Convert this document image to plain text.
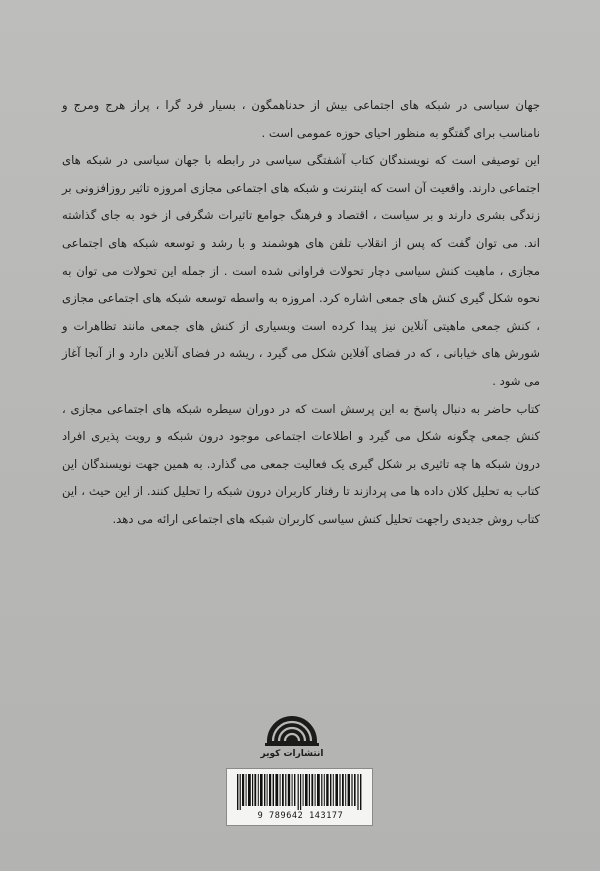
جهان سیاسی در شبکه های اجتماعی بیش از حدناهمگون ، بسیار فرد گرا ، پراز هرج ومرج و نامناسب برای گفتگو به منظور احیای حوزه عمومی است .

این توصیفی است که نویسندگان کتاب آشفتگی سیاسی در رابطه با جهان سیاسی در شبکه های اجتماعی دارند. واقعیت آن است که اینترنت و شبکه های اجتماعی مجازی امروزه تاثیر روزافزونی بر زندگی بشری دارند و بر سیاست ، اقتصاد و فرهنگ جوامع تاثیرات شگرفی از خود به جای گذاشته اند. می توان گفت که پس از انقلاب تلفن های هوشمند و با رشد و توسعه شبکه های اجتماعی مجازی ، ماهیت کنش سیاسی دچار تحولات فراوانی شده است . از جمله این تحولات می توان به نحوه شکل گیری کنش های جمعی اشاره کرد. امروزه به واسطه توسعه شبکه های اجتماعی مجازی ، کنش جمعی ماهیتی آنلاین نیز پیدا کرده است وبسیاری از کنش های جمعی مانند تظاهرات و شورش های خیابانی ، که در فضای آفلاین شکل می گیرد ، ریشه در فضای آنلاین دارد و از آنجا آغاز می شود .

کتاب حاضر به دنبال پاسخ به این پرسش است که در دوران سیطره شبکه های اجتماعی مجازی ، کنش جمعی چگونه شکل می گیرد و اطلاعات اجتماعی موجود درون شبکه و رویت پذیری افراد درون شبکه ها چه تاثیری بر شکل گیری یک فعالیت جمعی می گذارد. به همین جهت نویسندگان این کتاب به تحلیل کلان داده ها می پردازند تا رفتار کاربران درون شبکه را تحلیل کنند. از این حیث ، این کتاب روش جدیدی راجهت تحلیل کنش سیاسی کاربران شبکه های اجتماعی ارائه می دهد.

انتشارات کویر
9 789642 143177
